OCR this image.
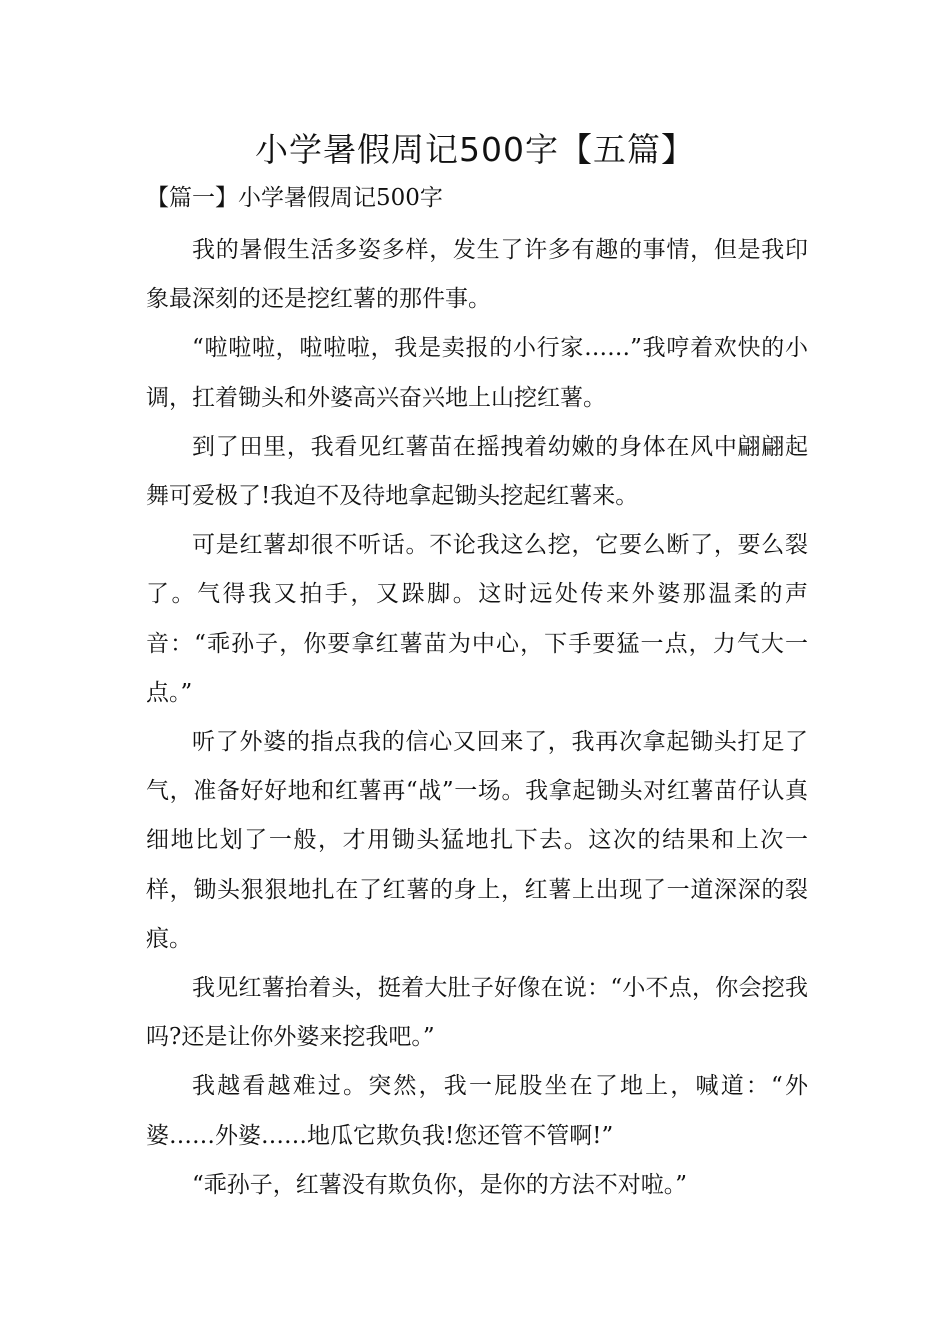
小学暑假周记500字【五篇】
【篇一】小学暑假周记500字

我的暑假生活多姿多样，发生了许多有趣的事情，但是我印象最深刻的还是挖红薯的那件事。

“啦啦啦，啦啦啦，我是卖报的小行家……”我哼着欢快的小调，扛着锄头和外婆高兴奋兴地上山挖红薯。

到了田里，我看见红薯苗在摇拽着幼嫩的身体在风中翩翩起舞可爱极了!我迫不及待地拿起锄头挖起红薯来。

可是红薯却很不听话。不论我这么挖，它要么断了，要么裂了。气得我又拍手，又跺脚。这时远处传来外婆那温柔的声音：“乖孙子，你要拿红薯苗为中心，下手要猛一点，力气大一点。”

听了外婆的指点我的信心又回来了，我再次拿起锄头打足了气，准备好好地和红薯再“战”一场。我拿起锄头对红薯苗仔认真细地比划了一般，才用锄头猛地扎下去。这次的结果和上次一样，锄头狠狠地扎在了红薯的身上，红薯上出现了一道深深的裂痕。

我见红薯抬着头，挺着大肚子好像在说：“小不点，你会挖我吗?还是让你外婆来挖我吧。”

我越看越难过。突然，我一屁股坐在了地上，喊道：“外婆……外婆……地瓜它欺负我!您还管不管啊!”

“乖孙子，红薯没有欺负你，是你的方法不对啦。”
